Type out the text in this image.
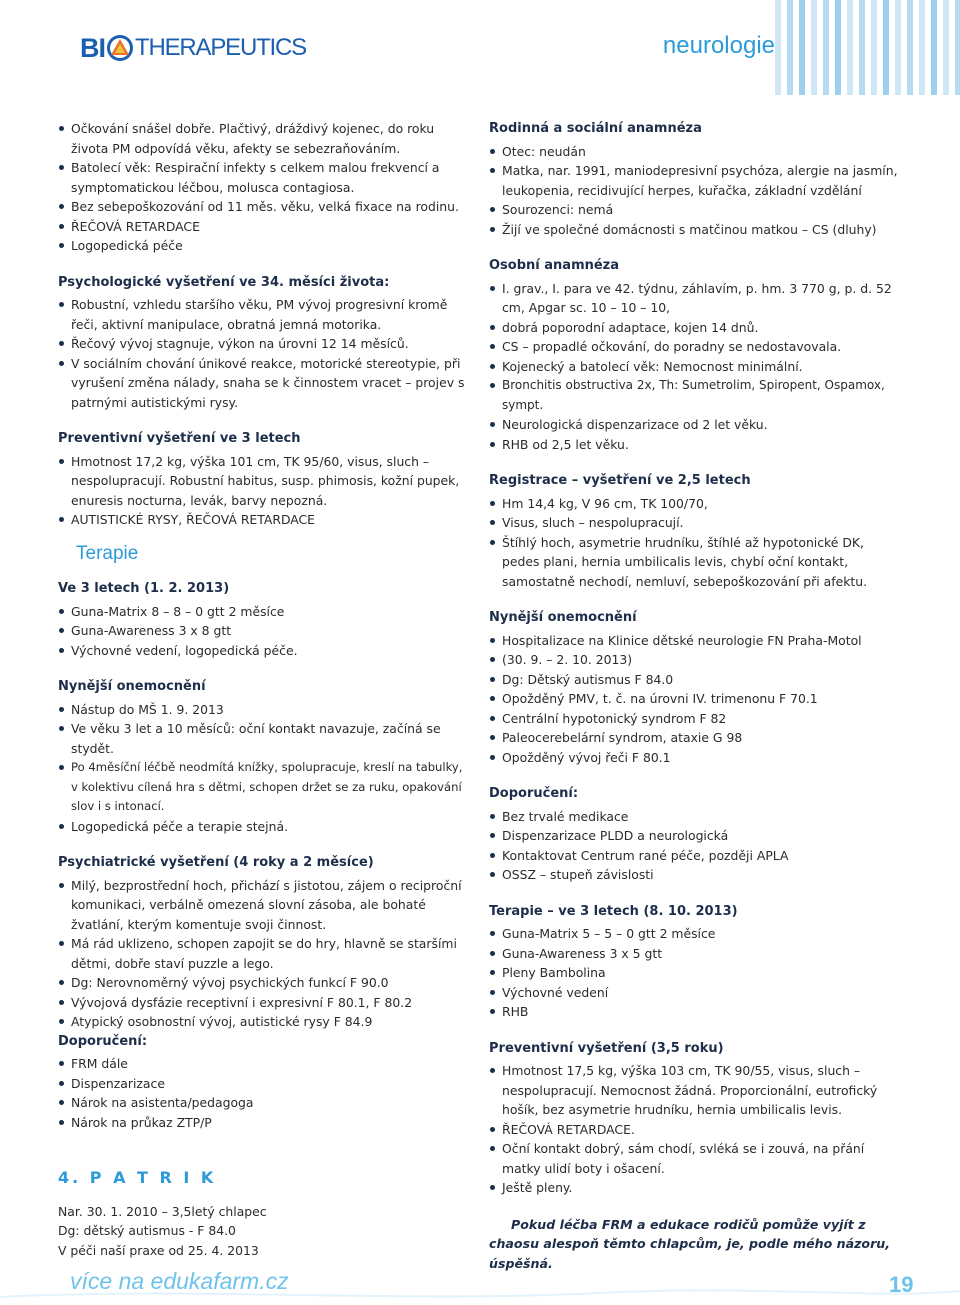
BI THERAPEUTICS	neurologie
Očkování snášel dobře. Plačtivý, dráždivý kojenec, do roku života PM odpovídá věku, afekty se sebezraňováním.
Batolecí věk: Respirační infekty s celkem malou frekvencí a symptomatickou léčbou, molusca contagiosa.
Bez sebepoškozování od 11 měs. věku, velká fixace na rodinu.
ŘEČOVÁ RETARDACE
Logopedická péče
Psychologické vyšetření ve 34. měsíci života:
Robustní, vzhledu staršího věku, PM vývoj progresivní kromě řeči, aktivní manipulace, obratná jemná motorika.
Řečový vývoj stagnuje, výkon na úrovni 12 14 měsíců.
V sociálním chování únikové reakce, motorické stereotypie, při vyrušení změna nálady, snaha se k činnostem vracet – projev s patrnými autistickými rysy.
Preventivní vyšetření ve 3 letech
Hmotnost 17,2 kg, výška 101 cm, TK 95/60, visus, sluch – nespolupracují. Robustní habitus, susp. phimosis, kožní pupek, enuresis nocturna, levák, barvy nepozná.
AUTISTICKÉ RYSY, ŘEČOVÁ RETARDACE
Terapie
Ve 3 letech (1. 2. 2013)
Guna-Matrix 8 – 8 – 0 gtt 2 měsíce
Guna-Awareness 3 x 8 gtt
Výchovné vedení, logopedická péče.
Nynější onemocnění
Nástup do MŠ 1. 9. 2013
Ve věku 3 let a 10 měsíců: oční kontakt navazuje, začíná se stydět.
Po 4měsíční léčbě neodmítá knížky, spolupracuje, kreslí na tabulky, v kolektivu cílená hra s dětmi, schopen držet se za ruku, opakování slov i s intonací.
Logopedická péče a terapie stejná.
Psychiatrické vyšetření (4 roky a 2 měsíce)
Milý, bezprostřední hoch, přichází s jistotou, zájem o reciproční komunikaci, verbálně omezená slovní zásoba, ale bohaté žvatlání, kterým komentuje svoji činnost.
Má rád uklizeno, schopen zapojit se do hry, hlavně se staršími dětmi, dobře staví puzzle a lego.
Dg: Nerovnoměrný vývoj psychických funkcí F 90.0
Vývojová dysfázie receptivní i expresivní F 80.1, F 80.2
Atypický osobnostní vývoj, autistické rysy F 84.9
Doporučení:
FRM dále
Dispenzarizace
Nárok na asistenta/pedagoga
Nárok na průkaz ZTP/P
4. P A T R I K
Nar. 30. 1. 2010 – 3,5letý chlapec
Dg: dětský autismus - F 84.0
V péči naší praxe od 25. 4. 2013
Rodinná a sociální anamnéza
Otec: neudán
Matka, nar. 1991, maniodepresivní psychóza, alergie na jasmín, leukopenia, recidivující herpes, kuřačka, základní vzdělání
Sourozenci: nemá
Žijí ve společné domácnosti s matčinou matkou – CS (dluhy)
Osobní anamnéza
I. grav., I. para ve 42. týdnu, záhlavím, p. hm. 3 770 g, p. d. 52 cm, Apgar sc. 10 – 10 – 10,
dobrá poporodní adaptace, kojen 14 dnů.
CS – propadlé očkování, do poradny se nedostavovala.
Kojenecký a batolecí věk: Nemocnost minimální.
Bronchitis obstructiva 2x, Th: Sumetrolim, Spiropent, Ospamox, sympt.
Neurologická dispenzarizace od 2 let věku.
RHB od 2,5 let věku.
Registrace – vyšetření ve 2,5 letech
Hm 14,4 kg, V 96 cm, TK 100/70,
Visus, sluch – nespolupracují.
Štíhlý hoch, asymetrie hrudníku, štíhlé až hypotonické DK, pedes plani, hernia umbilicalis levis, chybí oční kontakt, samostatně nechodí, nemluví, sebepoškozování při afektu.
Nynější onemocnění
Hospitalizace na Klinice dětské neurologie FN Praha-Motol
(30. 9. – 2. 10. 2013)
Dg: Dětský autismus F 84.0
Opožděný PMV, t. č. na úrovni IV. trimenonu F 70.1
Centrální hypotonický syndrom F 82
Paleocerebelární syndrom, ataxie G 98
Opožděný vývoj řeči F 80.1
Doporučení:
Bez trvalé medikace
Dispenzarizace PLDD a neurologická
Kontaktovat Centrum rané péče, později APLA
OSSZ – stupeň závislosti
Terapie – ve 3 letech (8. 10. 2013)
Guna-Matrix 5 – 5 – 0 gtt 2 měsíce
Guna-Awareness 3 x 5 gtt
Pleny Bambolina
Výchovné vedení
RHB
Preventivní vyšetření (3,5 roku)
Hmotnost 17,5 kg, výška 103 cm, TK 90/55, visus, sluch – nespolupracují. Nemocnost žádná. Proporcionální, eutrofický hošík, bez asymetrie hrudníku, hernia umbilicalis levis.
ŘEČOVÁ RETARDACE.
Oční kontakt dobrý, sám chodí, svléká se i zouvá, na přání matky ulidí boty i ošacení.
Ještě pleny.
Pokud léčba FRM a edukace rodičů pomůže vyjít z chaosu alespoň těmto chlapcům, je, podle mého názoru, úspěšná.
více na edukafarm.cz	19
